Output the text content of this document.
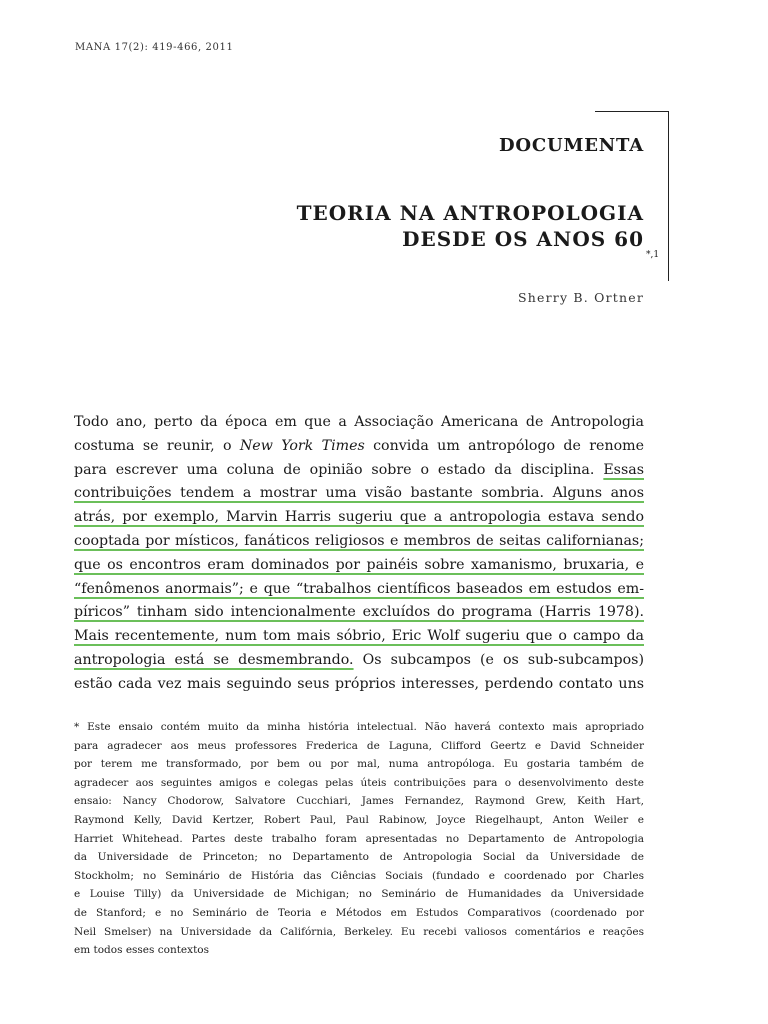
MANA 17(2): 419-466, 2011
DOCUMENTA
TEORIA NA ANTROPOLOGIA
DESDE OS ANOS 60
*,1
Sherry B. Ortner
Todo ano, perto da época em que a Associação Americana de Antropologia
costuma se reunir, o New York Times convida um antropólogo de renome
para escrever uma coluna de opinião sobre o estado da disciplina. Essas
contribuições tendem a mostrar uma visão bastante sombria. Alguns anos
atrás, por exemplo, Marvin Harris sugeriu que a antropologia estava sendo
cooptada por místicos, fanáticos religiosos e membros de seitas californianas;
que os encontros eram dominados por painéis sobre xamanismo, bruxaria, e
“fenômenos anormais”; e que “trabalhos científicos baseados em estudos em-
píricos” tinham sido intencionalmente excluídos do programa (Harris 1978).
Mais recentemente, num tom mais sóbrio, Eric Wolf sugeriu que o campo da
antropologia está se desmembrando. Os subcampos (e os sub-subcampos)
estão cada vez mais seguindo seus próprios interesses, perdendo contato uns
* Este ensaio contém muito da minha história intelectual. Não haverá contexto mais apropriado
para agradecer aos meus professores Frederica de Laguna, Clifford Geertz e David Schneider
por terem me transformado, por bem ou por mal, numa antropóloga. Eu gostaria também de
agradecer aos seguintes amigos e colegas pelas úteis contribuições para o desenvolvimento deste
ensaio: Nancy Chodorow, Salvatore Cucchiari, James Fernandez, Raymond Grew, Keith Hart,
Raymond Kelly, David Kertzer, Robert Paul, Paul Rabinow, Joyce Riegelhaupt, Anton Weiler e
Harriet Whitehead. Partes deste trabalho foram apresentadas no Departamento de Antropologia
da Universidade de Princeton; no Departamento de Antropologia Social da Universidade de
Stockholm; no Seminário de História das Ciências Sociais (fundado e coordenado por Charles
e Louise Tilly) da Universidade de Michigan; no Seminário de Humanidades da Universidade
de Stanford; e no Seminário de Teoria e Métodos em Estudos Comparativos (coordenado por
Neil Smelser) na Universidade da Califórnia, Berkeley. Eu recebi valiosos comentários e reações
em todos esses contextos
